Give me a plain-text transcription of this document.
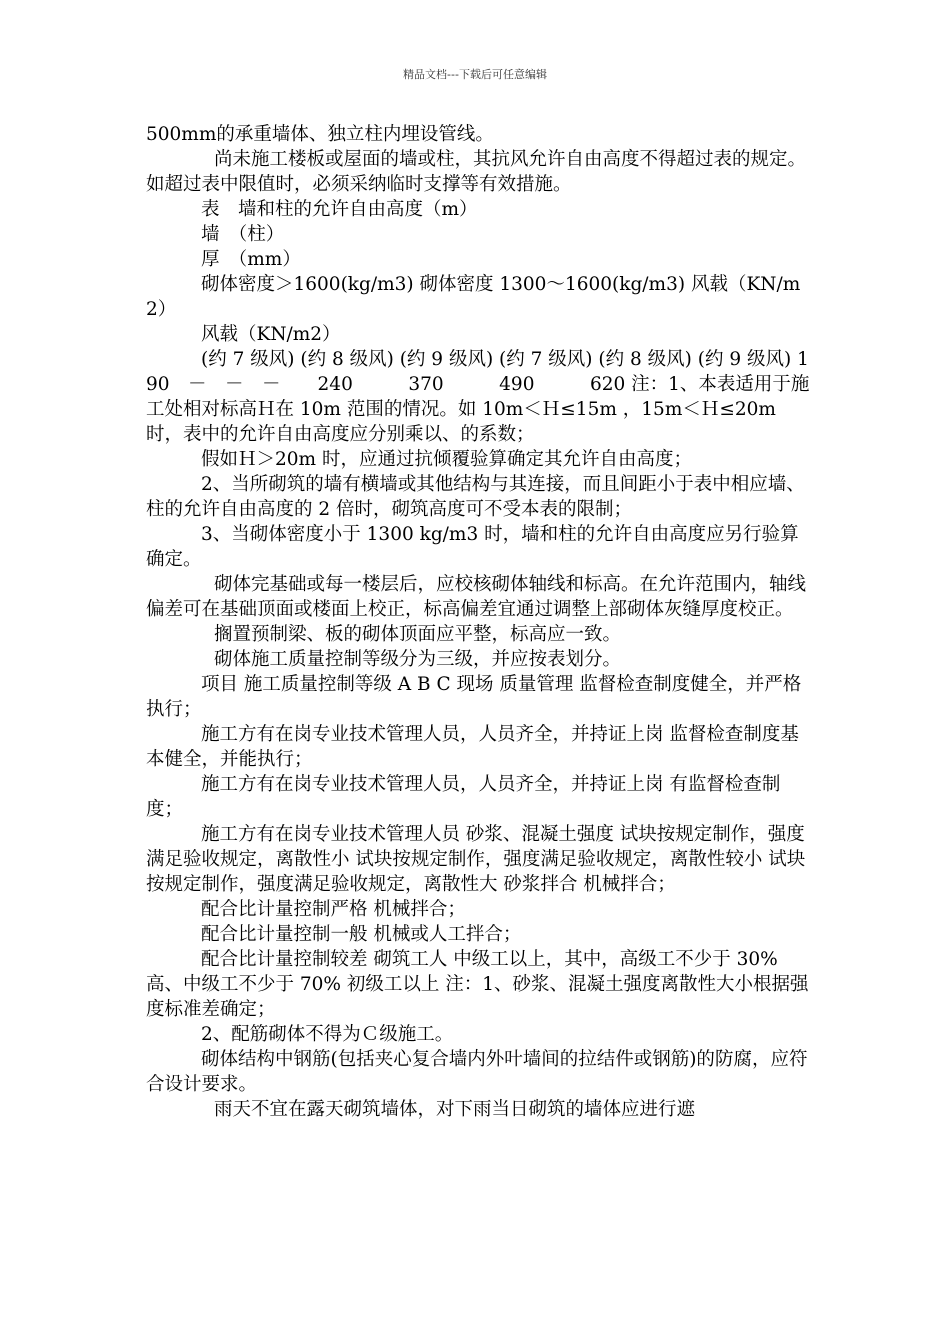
精品文档---下载后可任意编辑

500mm的承重墙体、独立柱内埋设管线。

尚未施工楼板或屋面的墙或柱，其抗风允许自由高度不得超过表的规定。如超过表中限值时，必须采纳临时支撑等有效措施。

表　墙和柱的允许自由高度（m）

墙　（柱）

厚　（mm）

砌体密度＞1600(kg/m3) 砌体密度 1300～1600(kg/m3) 风载（KN/m2）

风载（KN/m2）

(约 7 级风) (约 8 级风) (约 9 级风) (约 7 级风) (约 8 级风) (约 9 级风) 190　－　－　－　　240　　　370　　　490　　　620 注：1、本表适用于施工处相对标高Ｈ在 10m 范围的情况。如 10m＜Ｈ≤15m ，15m＜Ｈ≤20m 时，表中的允许自由高度应分别乘以、的系数；

假如Ｈ＞20m 时，应通过抗倾覆验算确定其允许自由高度；

2、当所砌筑的墙有横墙或其他结构与其连接，而且间距小于表中相应墙、柱的允许自由高度的 2 倍时，砌筑高度可不受本表的限制；

3、当砌体密度小于 1300 kg/m3 时，墙和柱的允许自由高度应另行验算确定。

砌体完基础或每一楼层后，应校核砌体轴线和标高。在允许范围内，轴线偏差可在基础顶面或楼面上校正，标高偏差宜通过调整上部砌体灰缝厚度校正。

搁置预制梁、板的砌体顶面应平整，标高应一致。

砌体施工质量控制等级分为三级，并应按表划分。

项目 施工质量控制等级 A B C 现场 质量管理 监督检查制度健全，并严格执行；

施工方有在岗专业技术管理人员，人员齐全，并持证上岗 监督检查制度基本健全，并能执行；

施工方有在岗专业技术管理人员，人员齐全，并持证上岗 有监督检查制度；

施工方有在岗专业技术管理人员 砂浆、混凝土强度 试块按规定制作，强度满足验收规定，离散性小 试块按规定制作，强度满足验收规定，离散性较小 试块按规定制作，强度满足验收规定，离散性大 砂浆拌合 机械拌合；

配合比计量控制严格 机械拌合；

配合比计量控制一般 机械或人工拌合；

配合比计量控制较差 砌筑工人 中级工以上，其中，高级工不少于 30% 高、中级工不少于 70% 初级工以上 注：1、砂浆、混凝土强度离散性大小根据强度标准差确定；

2、配筋砌体不得为Ｃ级施工。

砌体结构中钢筋(包括夹心复合墙内外叶墙间的拉结件或钢筋)的防腐，应符合设计要求。

雨天不宜在露天砌筑墙体，对下雨当日砌筑的墙体应进行遮
